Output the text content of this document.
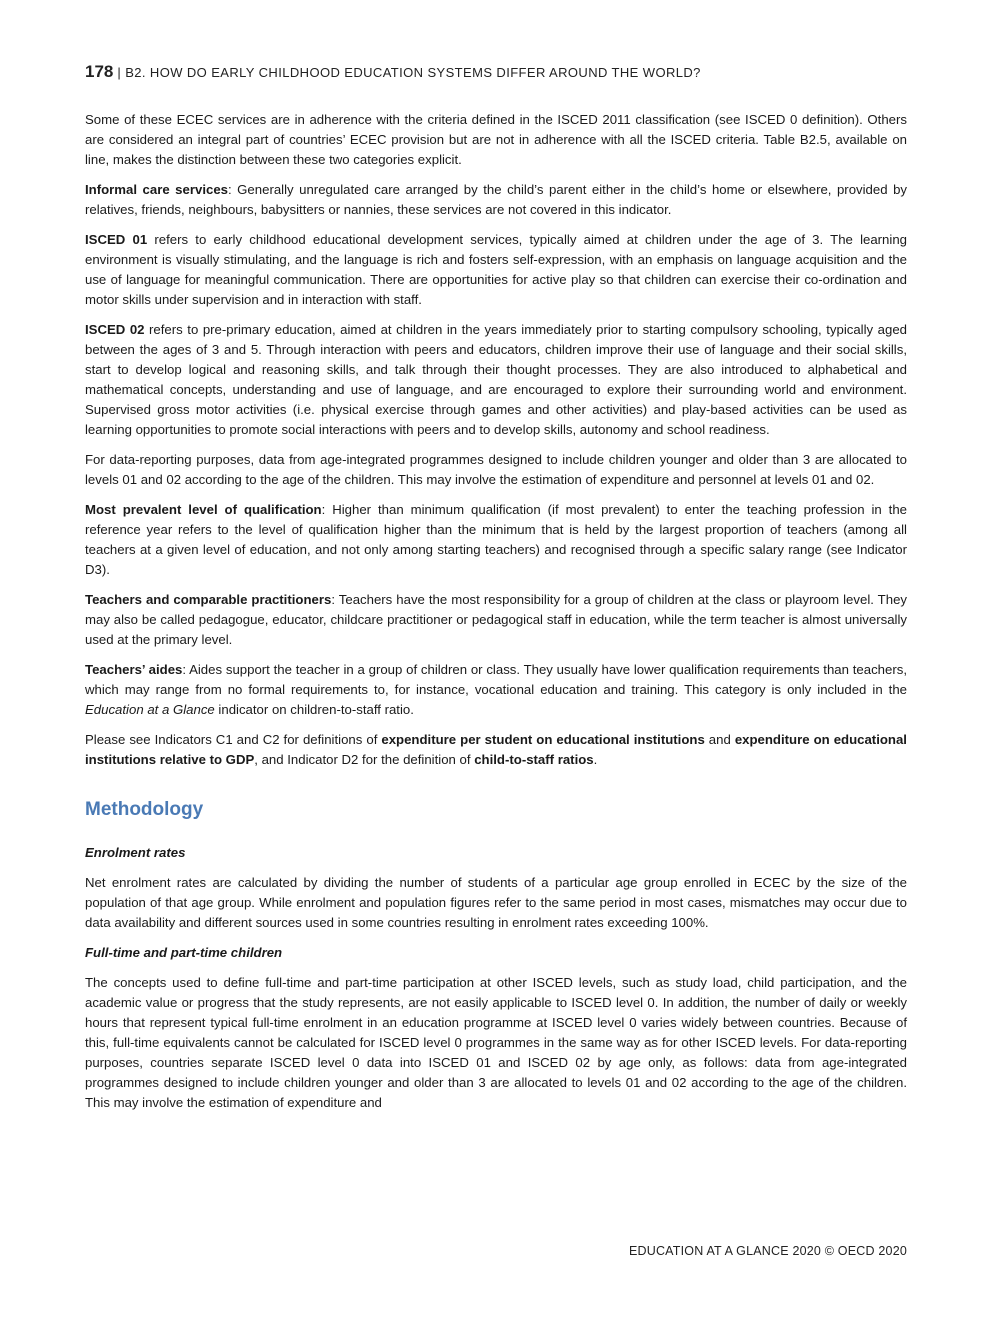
178 | B2. HOW DO EARLY CHILDHOOD EDUCATION SYSTEMS DIFFER AROUND THE WORLD?

Some of these ECEC services are in adherence with the criteria defined in the ISCED 2011 classification (see ISCED 0 definition). Others are considered an integral part of countries’ ECEC provision but are not in adherence with all the ISCED criteria. Table B2.5, available on line, makes the distinction between these two categories explicit.

Informal care services: Generally unregulated care arranged by the child’s parent either in the child’s home or elsewhere, provided by relatives, friends, neighbours, babysitters or nannies, these services are not covered in this indicator.

ISCED 01 refers to early childhood educational development services, typically aimed at children under the age of 3. The learning environment is visually stimulating, and the language is rich and fosters self-expression, with an emphasis on language acquisition and the use of language for meaningful communication. There are opportunities for active play so that children can exercise their co-ordination and motor skills under supervision and in interaction with staff.

ISCED 02 refers to pre-primary education, aimed at children in the years immediately prior to starting compulsory schooling, typically aged between the ages of 3 and 5. Through interaction with peers and educators, children improve their use of language and their social skills, start to develop logical and reasoning skills, and talk through their thought processes. They are also introduced to alphabetical and mathematical concepts, understanding and use of language, and are encouraged to explore their surrounding world and environment. Supervised gross motor activities (i.e. physical exercise through games and other activities) and play-based activities can be used as learning opportunities to promote social interactions with peers and to develop skills, autonomy and school readiness.

For data-reporting purposes, data from age-integrated programmes designed to include children younger and older than 3 are allocated to levels 01 and 02 according to the age of the children. This may involve the estimation of expenditure and personnel at levels 01 and 02.

Most prevalent level of qualification: Higher than minimum qualification (if most prevalent) to enter the teaching profession in the reference year refers to the level of qualification higher than the minimum that is held by the largest proportion of teachers (among all teachers at a given level of education, and not only among starting teachers) and recognised through a specific salary range (see Indicator D3).

Teachers and comparable practitioners: Teachers have the most responsibility for a group of children at the class or playroom level. They may also be called pedagogue, educator, childcare practitioner or pedagogical staff in education, while the term teacher is almost universally used at the primary level.

Teachers’ aides: Aides support the teacher in a group of children or class. They usually have lower qualification requirements than teachers, which may range from no formal requirements to, for instance, vocational education and training. This category is only included in the Education at a Glance indicator on children-to-staff ratio.

Please see Indicators C1 and C2 for definitions of expenditure per student on educational institutions and expenditure on educational institutions relative to GDP, and Indicator D2 for the definition of child-to-staff ratios.

Methodology

Enrolment rates

Net enrolment rates are calculated by dividing the number of students of a particular age group enrolled in ECEC by the size of the population of that age group. While enrolment and population figures refer to the same period in most cases, mismatches may occur due to data availability and different sources used in some countries resulting in enrolment rates exceeding 100%.

Full-time and part-time children

The concepts used to define full-time and part-time participation at other ISCED levels, such as study load, child participation, and the academic value or progress that the study represents, are not easily applicable to ISCED level 0. In addition, the number of daily or weekly hours that represent typical full-time enrolment in an education programme at ISCED level 0 varies widely between countries. Because of this, full-time equivalents cannot be calculated for ISCED level 0 programmes in the same way as for other ISCED levels. For data-reporting purposes, countries separate ISCED level 0 data into ISCED 01 and ISCED 02 by age only, as follows: data from age-integrated programmes designed to include children younger and older than 3 are allocated to levels 01 and 02 according to the age of the children. This may involve the estimation of expenditure and

EDUCATION AT A GLANCE 2020 © OECD 2020
